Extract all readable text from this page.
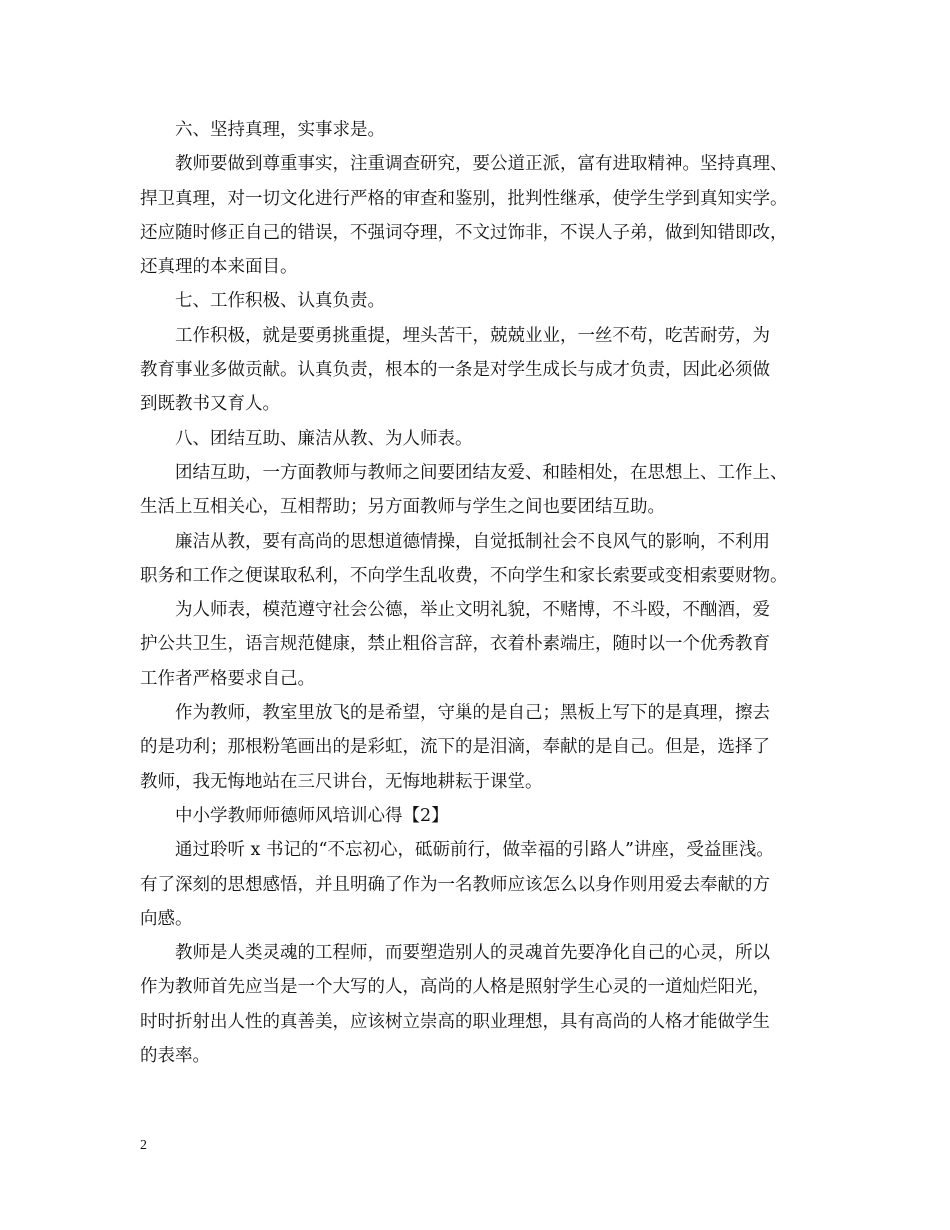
六、坚持真理，实事求是。
教师要做到尊重事实，注重调查研究，要公道正派，富有进取精神。坚持真理、
捍卫真理，对一切文化进行严格的审查和鉴别，批判性继承，使学生学到真知实学。
还应随时修正自己的错误，不强词夺理，不文过饰非，不误人子弟，做到知错即改，
还真理的本来面目。
七、工作积极、认真负责。
工作积极，就是要勇挑重提，埋头苦干，兢兢业业，一丝不苟，吃苦耐劳，为
教育事业多做贡献。认真负责，根本的一条是对学生成长与成才负责，因此必须做
到既教书又育人。
八、团结互助、廉洁从教、为人师表。
团结互助，一方面教师与教师之间要团结友爱、和睦相处，在思想上、工作上、
生活上互相关心，互相帮助；另方面教师与学生之间也要团结互助。
廉洁从教，要有高尚的思想道德情操，自觉抵制社会不良风气的影响，不利用
职务和工作之便谋取私利，不向学生乱收费，不向学生和家长索要或变相索要财物。
为人师表，模范遵守社会公德，举止文明礼貌，不赌博，不斗殴，不酗酒，爱
护公共卫生，语言规范健康，禁止粗俗言辞，衣着朴素端庄，随时以一个优秀教育
工作者严格要求自己。
作为教师，教室里放飞的是希望，守巢的是自己；黑板上写下的是真理，擦去
的是功利；那根粉笔画出的是彩虹，流下的是泪滴，奉献的是自己。但是，选择了
教师，我无悔地站在三尺讲台，无悔地耕耘于课堂。
中小学教师师德师风培训心得【2】
通过聆听 x 书记的“不忘初心，砥砺前行，做幸福的引路人”讲座，受益匪浅。
有了深刻的思想感悟，并且明确了作为一名教师应该怎么以身作则用爱去奉献的方
向感。
教师是人类灵魂的工程师，而要塑造别人的灵魂首先要净化自己的心灵，所以
作为教师首先应当是一个大写的人，高尚的人格是照射学生心灵的一道灿烂阳光，
时时折射出人性的真善美，应该树立崇高的职业理想，具有高尚的人格才能做学生
的表率。
2
